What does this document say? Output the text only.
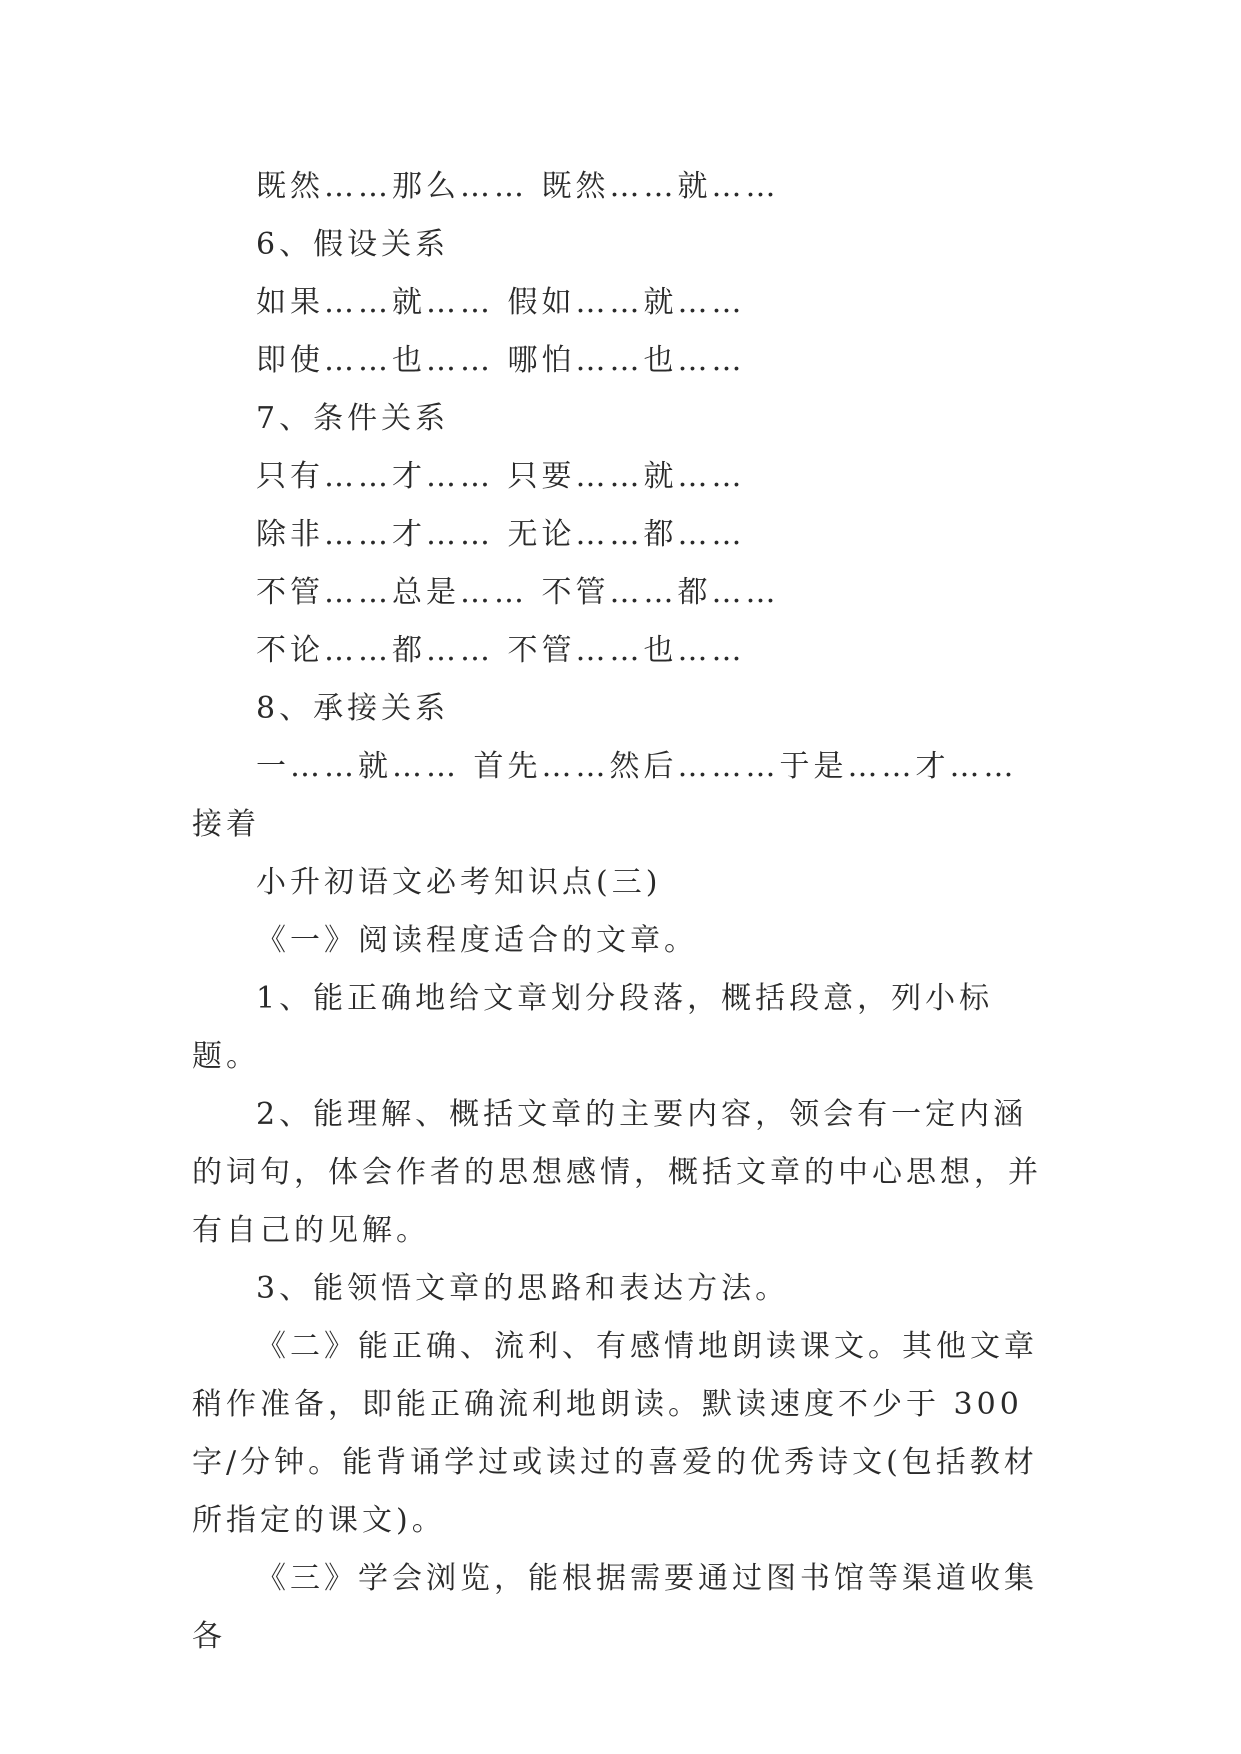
既然……那么…… 既然……就……

6、假设关系

如果……就…… 假如……就……

即使……也…… 哪怕……也……

7、条件关系

只有……才…… 只要……就……

除非……才…… 无论……都……

不管……总是…… 不管……都……

不论……都…… 不管……也……

8、承接关系

一……就…… 首先……然后………于是……才……接着

小升初语文必考知识点(三)

《一》阅读程度适合的文章。

1、能正确地给文章划分段落，概括段意，列小标题。

2、能理解、概括文章的主要内容，领会有一定内涵的词句，体会作者的思想感情，概括文章的中心思想，并有自己的见解。

3、能领悟文章的思路和表达方法。

《二》能正确、流利、有感情地朗读课文。其他文章稍作准备，即能正确流利地朗读。默读速度不少于 300 字/分钟。能背诵学过或读过的喜爱的优秀诗文(包括教材所指定的课文)。

《三》学会浏览，能根据需要通过图书馆等渠道收集各
